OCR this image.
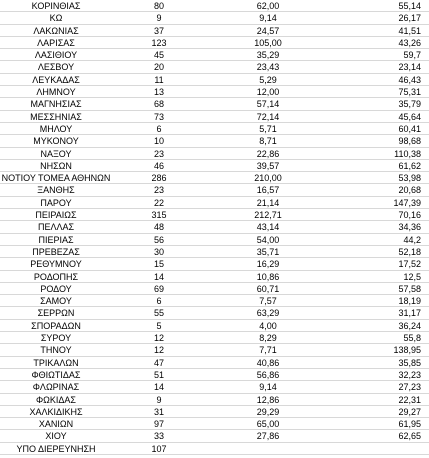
ΚΟΡΙΝΘΙΑΣ	80	62,00	55,14
ΚΩ	9	9,14	26,17
ΛΑΚΩΝΙΑΣ	37	24,57	41,51
ΛΑΡΙΣΑΣ	123	105,00	43,26
ΛΑΣΙΘΙΟΥ	45	35,29	59,7
ΛΕΣΒΟΥ	20	23,43	23,14
ΛΕΥΚΑΔΑΣ	11	5,29	46,43
ΛΗΜΝΟΥ	13	12,00	75,31
ΜΑΓΝΗΣΙΑΣ	68	57,14	35,79
ΜΕΣΣΗΝΙΑΣ	73	72,14	45,64
ΜΗΛΟΥ	6	5,71	60,41
ΜΥΚΟΝΟΥ	10	8,71	98,68
ΝΑΞΟΥ	23	22,86	110,38
ΝΗΣΩΝ	46	39,57	61,62
ΝΟΤΙΟΥ ΤΟΜΕΑ ΑΘΗΝΩΝ	286	210,00	53,98
ΞΑΝΘΗΣ	23	16,57	20,68
ΠΑΡΟΥ	22	21,14	147,39
ΠΕΙΡΑΙΩΣ	315	212,71	70,16
ΠΕΛΛΑΣ	48	43,14	34,36
ΠΙΕΡΙΑΣ	56	54,00	44,2
ΠΡΕΒΕΖΑΣ	30	35,71	52,18
ΡΕΘΥΜΝΟΥ	15	16,29	17,52
ΡΟΔΟΠΗΣ	14	10,86	12,5
ΡΟΔΟΥ	69	60,71	57,58
ΣΑΜΟΥ	6	7,57	18,19
ΣΕΡΡΩΝ	55	63,29	31,17
ΣΠΟΡΑΔΩΝ	5	4,00	36,24
ΣΥΡΟΥ	12	8,29	55,8
ΤΗΝΟΥ	12	7,71	138,95
ΤΡΙΚΑΛΩΝ	47	40,86	35,85
ΦΘΙΩΤΙΔΑΣ	51	56,86	32,23
ΦΛΩΡΙΝΑΣ	14	9,14	27,23
ΦΩΚΙΔΑΣ	9	12,86	22,31
ΧΑΛΚΙΔΙΚΗΣ	31	29,29	29,27
ΧΑΝΙΩΝ	97	65,00	61,95
ΧΙΟΥ	33	27,86	62,65
ΥΠΟ ΔΙΕΡΕΥΝΗΣΗ	107
